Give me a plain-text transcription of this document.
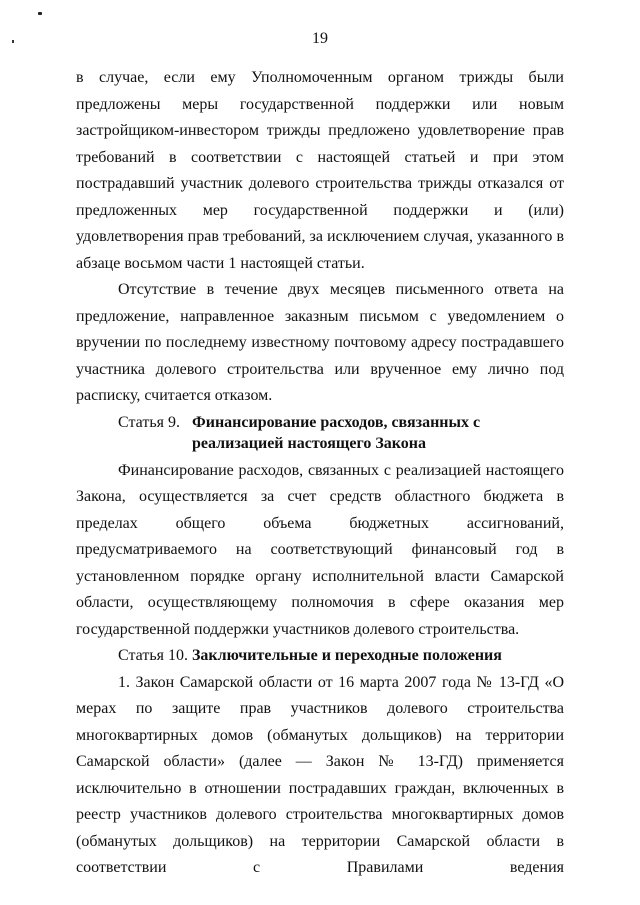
19

в случае, если ему Уполномоченным органом трижды были предложены меры государственной поддержки или новым застройщиком-инвестором трижды предложено удовлетворение прав требований в соответствии с настоящей статьей и при этом пострадавший участник долевого строительства трижды отказался от предложенных мер государственной поддержки и (или) удовлетворения прав требований, за исключением случая, указанного в абзаце восьмом части 1 настоящей статьи.

Отсутствие в течение двух месяцев письменного ответа на предложение, направленное заказным письмом с уведомлением о вручении по последнему известному почтовому адресу пострадавшего участника долевого строительства или врученное ему лично под расписку, считается отказом.

Статья 9. Финансирование расходов, связанных с реализацией настоящего Закона

Финансирование расходов, связанных с реализацией настоящего Закона, осуществляется за счет средств областного бюджета в пределах общего объема бюджетных ассигнований, предусматриваемого на соответствующий финансовый год в установленном порядке органу исполнительной власти Самарской области, осуществляющему полномочия в сфере оказания мер государственной поддержки участников долевого строительства.

Статья 10. Заключительные и переходные положения

1. Закон Самарской области от 16 марта 2007 года № 13-ГД «О мерах по защите прав участников долевого строительства многоквартирных домов (обманутых дольщиков) на территории Самарской области» (далее — Закон № 13-ГД) применяется исключительно в отношении пострадавших граждан, включенных в реестр участников долевого строительства многоквартирных домов (обманутых дольщиков) на территории Самарской области в соответствии с Правилами ведения
